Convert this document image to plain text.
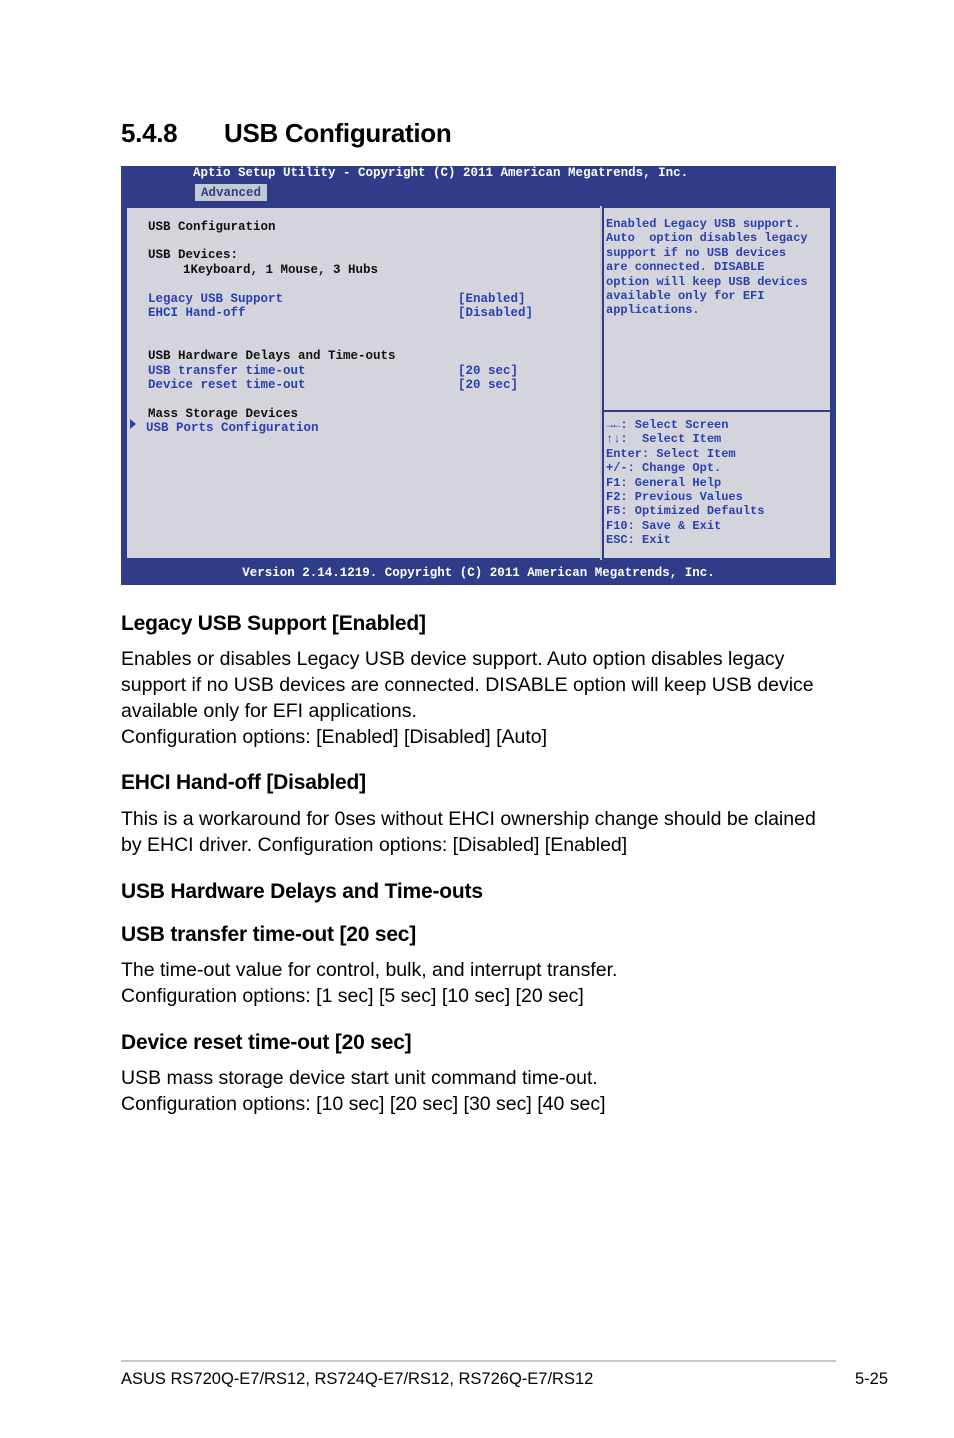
5.4.8 USB Configuration
Aptio Setup Utility - Copyright (C) 2011 American Megatrends, Inc.
Advanced
USB Configuration
USB Devices:
1Keyboard, 1 Mouse, 3 Hubs
Legacy USB Support	[Enabled]
EHCI Hand-off	[Disabled]
USB Hardware Delays and Time-outs
USB transfer time-out	[20 sec]
Device reset time-out	[20 sec]
Mass Storage Devices
USB Ports Configuration
Enabled Legacy USB support.
Auto  option disables legacy
support if no USB devices
are connected. DISABLE
option will keep USB devices
available only for EFI
applications.
→←: Select Screen
↑↓:  Select Item
Enter: Select Item
+/-: Change Opt.
F1: General Help
F2: Previous Values
F5: Optimized Defaults
F10: Save & Exit
ESC: Exit
Version 2.14.1219. Copyright (C) 2011 American Megatrends, Inc.
Legacy USB Support [Enabled]

Enables or disables Legacy USB device support. Auto option disables legacy support if no USB devices are connected. DISABLE option will keep USB device available only for EFI applications.

Configuration options: [Enabled] [Disabled] [Auto]

EHCI Hand-off [Disabled]

This is a workaround for 0ses without EHCI ownership change should be clained by EHCI driver. Configuration options: [Disabled] [Enabled]

USB Hardware Delays and Time-outs
USB transfer time-out [20 sec]

The time-out value for control, bulk, and interrupt transfer.

Configuration options: [1 sec] [5 sec] [10 sec] [20 sec]

Device reset time-out [20 sec]

USB mass storage device start unit command time-out.

Configuration options: [10 sec] [20 sec] [30 sec] [40 sec]

ASUS RS720Q-E7/RS12, RS724Q-E7/RS12, RS726Q-E7/RS12	5-25
